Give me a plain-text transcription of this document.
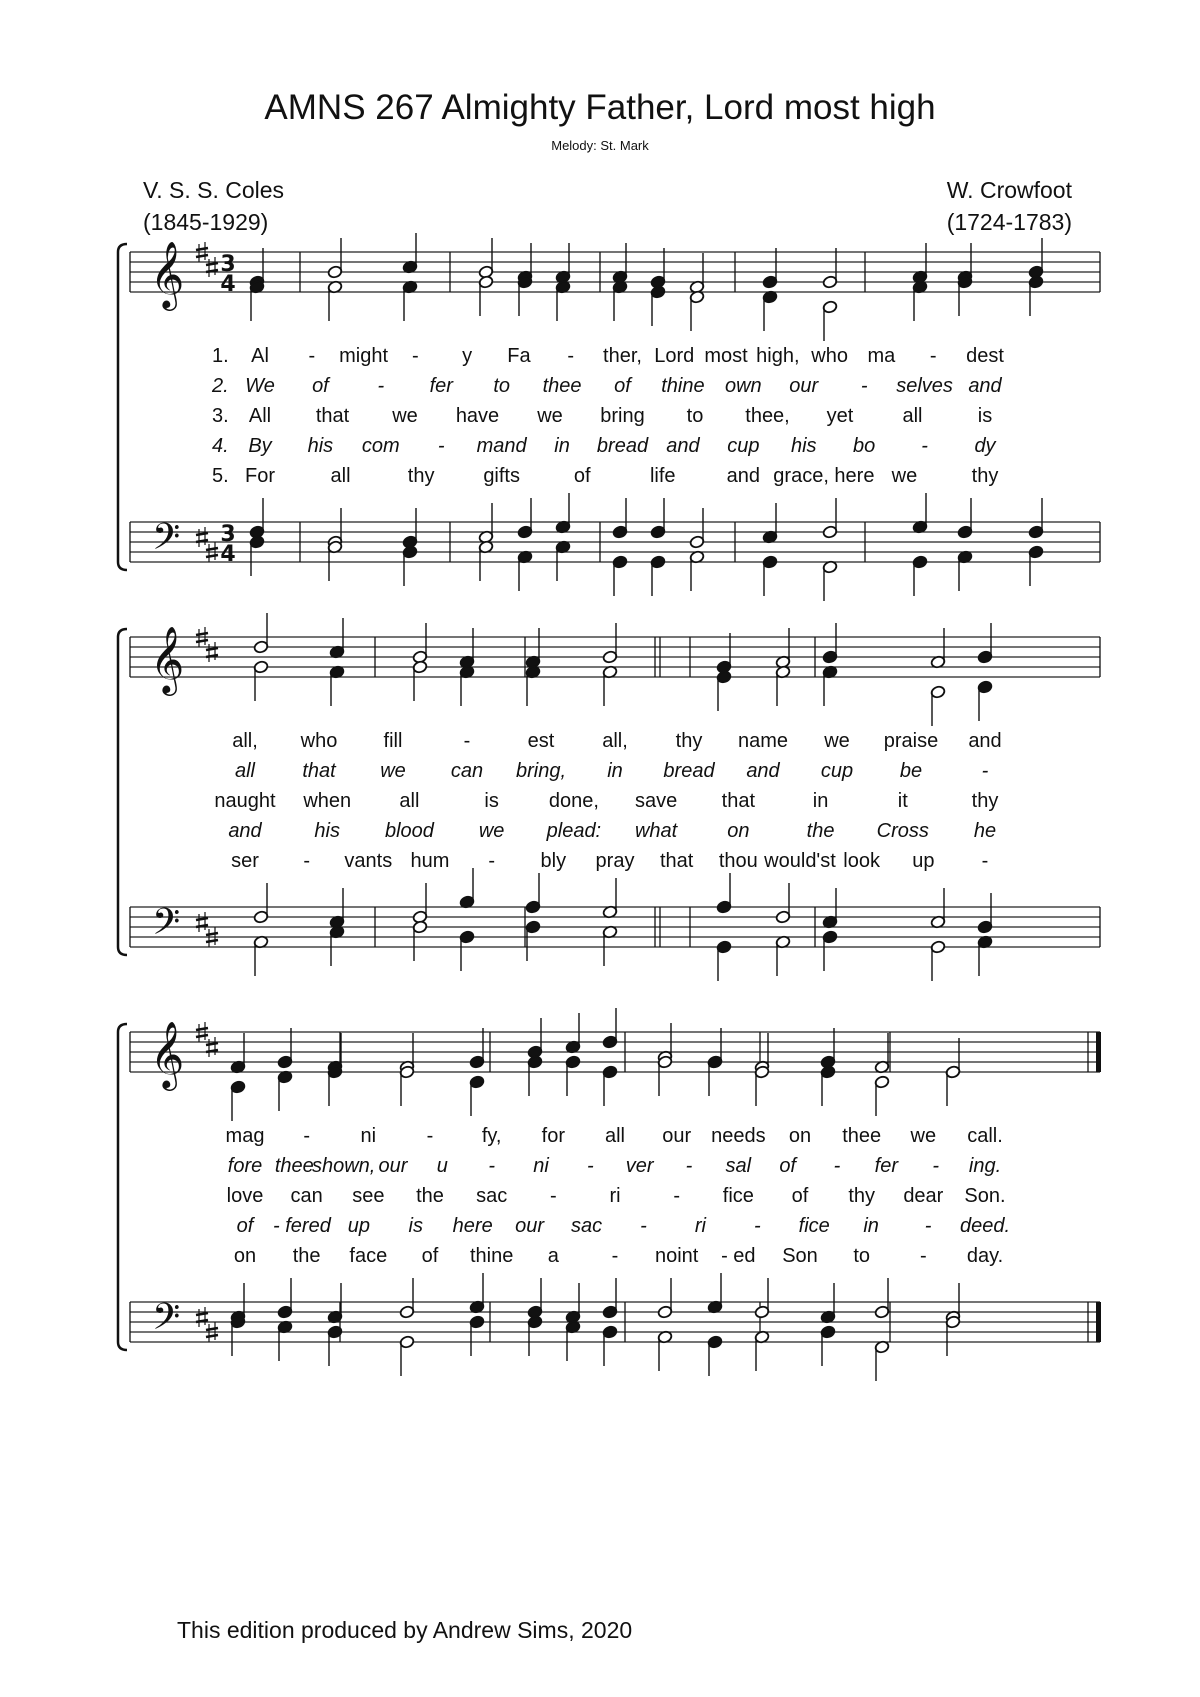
AMNS 267 Almighty Father, Lord most high
Melody: St. Mark
V. S. S. Coles
(1845-1929)
W. Crowfoot
(1724-1783)
𝄞
𝄢
3
4
3
4
1. Al - might - y Fa - ther, Lord most high, who ma - dest
2. We of - fer to thee of thine own our - selves and
3. All that we have we bring to thee, yet all	is
4. By his com - mand in bread and cup his bo - dy
5. For	all	thy gifts	of	life	and grace, here we	thy
𝄞
𝄢
all, who fill	-	est all, thy name we praise and
all that we can bring, in bread and cup be	-
naught when all	is done, save that	in	it	thy
and	his blood we plead: what on	the Cross he
ser - vants hum - bly pray that thou would'st look up -
𝄞
𝄢
mag -	ni	- fy, for all our needs on thee we call.
fore thee
shown, our u - ni - ver - sal of - fer - ing.
love can see the sac -	ri	- fice of thy dear Son.
of - fered up is here our sac - ri - fice in - deed.
on the face of thine a	- noint - ed Son to - day.
This edition produced by Andrew Sims, 2020
